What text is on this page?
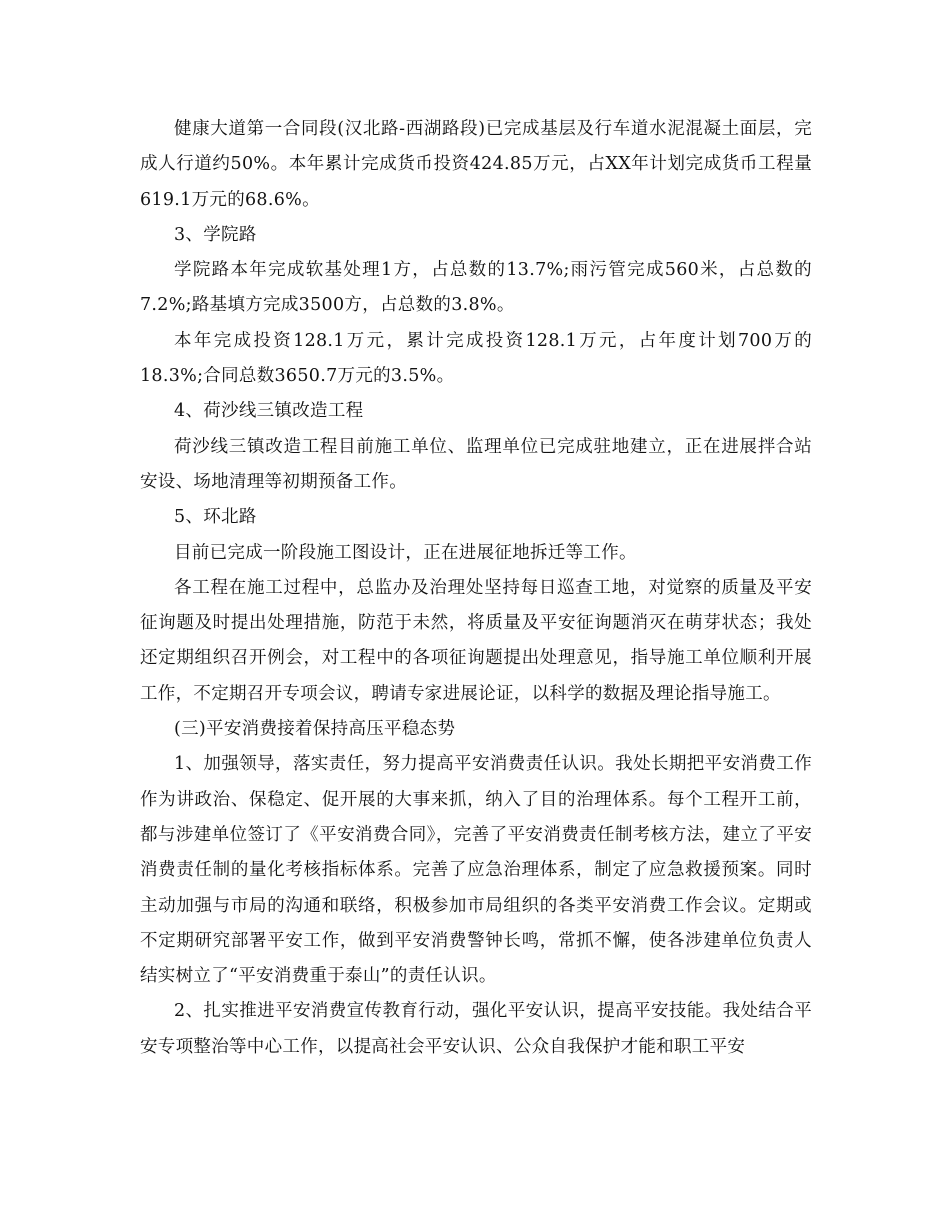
健康大道第一合同段(汉北路-西湖路段)已完成基层及行车道水泥混凝土面层，完成人行道约50%。本年累计完成货币投资424.85万元，占XX年计划完成货币工程量619.1万元的68.6%。

3、学院路

学院路本年完成软基处理1方，占总数的13.7%;雨污管完成560米，占总数的7.2%;路基填方完成3500方，占总数的3.8%。

本年完成投资128.1万元，累计完成投资128.1万元，占年度计划700万的18.3%;合同总数3650.7万元的3.5%。

4、荷沙线三镇改造工程

荷沙线三镇改造工程目前施工单位、监理单位已完成驻地建立，正在进展拌合站安设、场地清理等初期预备工作。

5、环北路

目前已完成一阶段施工图设计，正在进展征地拆迁等工作。

各工程在施工过程中，总监办及治理处坚持每日巡查工地，对觉察的质量及平安征询题及时提出处理措施，防范于未然，将质量及平安征询题消灭在萌芽状态；我处还定期组织召开例会，对工程中的各项征询题提出处理意见，指导施工单位顺利开展工作，不定期召开专项会议，聘请专家进展论证，以科学的数据及理论指导施工。

(三)平安消费接着保持高压平稳态势

1、加强领导，落实责任，努力提高平安消费责任认识。我处长期把平安消费工作作为讲政治、保稳定、促开展的大事来抓，纳入了目的治理体系。每个工程开工前，都与涉建单位签订了《平安消费合同》，完善了平安消费责任制考核方法，建立了平安消费责任制的量化考核指标体系。完善了应急治理体系，制定了应急救援预案。同时主动加强与市局的沟通和联络，积极参加市局组织的各类平安消费工作会议。定期或不定期研究部署平安工作，做到平安消费警钟长鸣，常抓不懈，使各涉建单位负责人结实树立了“平安消费重于泰山”的责任认识。

2、扎实推进平安消费宣传教育行动，强化平安认识，提高平安技能。我处结合平安专项整治等中心工作，以提高社会平安认识、公众自我保护才能和职工平安
